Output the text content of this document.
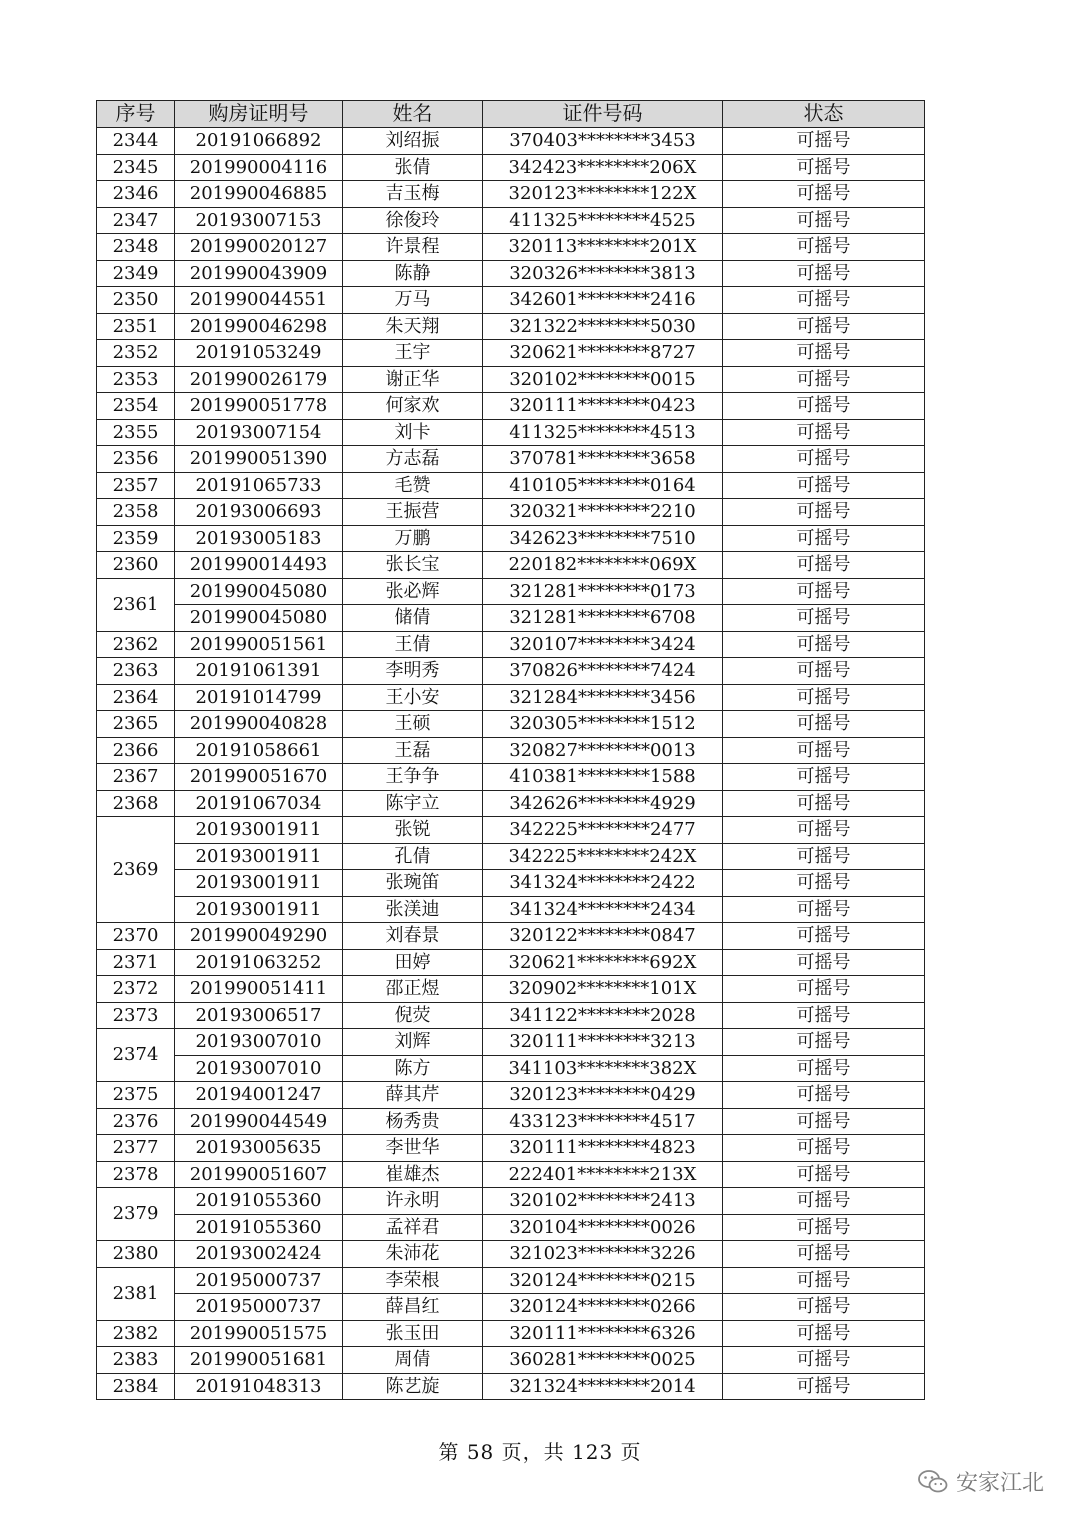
序号	购房证明号	姓名	证件号码	状态
2344	20191066892	刘绍振	370403********3453	可摇号
2345	201990004116	张倩	342423********206X	可摇号
2346	201990046885	吉玉梅	320123********122X	可摇号
2347	20193007153	徐俊玲	411325********4525	可摇号
2348	201990020127	许景程	320113********201X	可摇号
2349	201990043909	陈静	320326********3813	可摇号
2350	201990044551	万马	342601********2416	可摇号
2351	201990046298	朱天翔	321322********5030	可摇号
2352	20191053249	王宇	320621********8727	可摇号
2353	201990026179	谢正华	320102********0015	可摇号
2354	201990051778	何家欢	320111********0423	可摇号
2355	20193007154	刘卡	411325********4513	可摇号
2356	201990051390	方志磊	370781********3658	可摇号
2357	20191065733	毛赞	410105********0164	可摇号
2358	20193006693	王振营	320321********2210	可摇号
2359	20193005183	万鹏	342623********7510	可摇号
2360	201990014493	张长宝	220182********069X	可摇号
2361	201990045080	张必辉	321281********0173	可摇号
	201990045080	储倩	321281********6708	可摇号
2362	201990051561	王倩	320107********3424	可摇号
2363	20191061391	李明秀	370826********7424	可摇号
2364	20191014799	王小安	321284********3456	可摇号
2365	201990040828	王硕	320305********1512	可摇号
2366	20191058661	王磊	320827********0013	可摇号
2367	201990051670	王争争	410381********1588	可摇号
2368	20191067034	陈宇立	342626********4929	可摇号
2369	20193001911	张锐	342225********2477	可摇号
	20193001911	孔倩	342225********242X	可摇号
	20193001911	张琬笛	341324********2422	可摇号
	20193001911	张渼迪	341324********2434	可摇号
2370	201990049290	刘春景	320122********0847	可摇号
2371	20191063252	田婷	320621********692X	可摇号
2372	201990051411	邵正煜	320902********101X	可摇号
2373	20193006517	倪荧	341122********2028	可摇号
2374	20193007010	刘辉	320111********3213	可摇号
	20193007010	陈方	341103********382X	可摇号
2375	20194001247	薛其芹	320123********0429	可摇号
2376	201990044549	杨秀贵	433123********4517	可摇号
2377	20193005635	李世华	320111********4823	可摇号
2378	201990051607	崔雄杰	222401********213X	可摇号
2379	20191055360	许永明	320102********2413	可摇号
	20191055360	孟祥君	320104********0026	可摇号
2380	20193002424	朱沛花	321023********3226	可摇号
2381	20195000737	李荣根	320124********0215	可摇号
	20195000737	薛昌红	320124********0266	可摇号
2382	201990051575	张玉田	320111********6326	可摇号
2383	201990051681	周倩	360281********0025	可摇号
2384	20191048313	陈艺旋	321324********2014	可摇号
第 58 页，共 123 页
安家江北
